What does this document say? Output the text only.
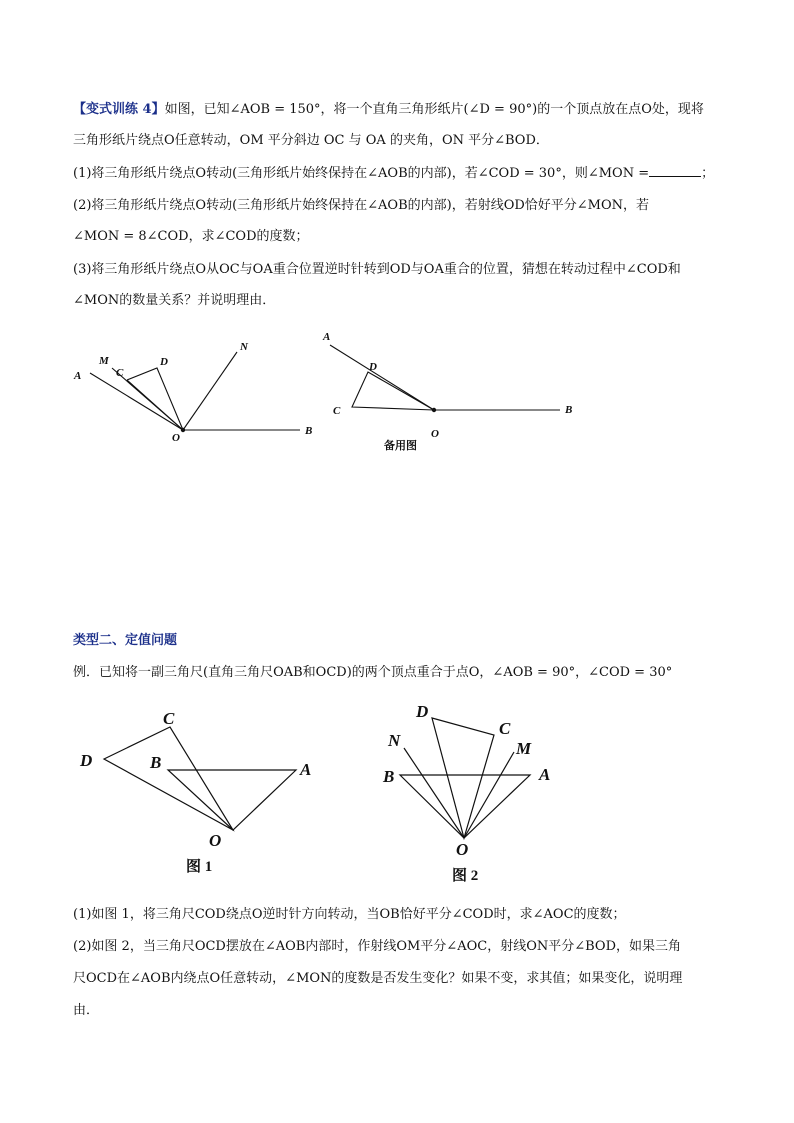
【变式训练 4】如图，已知∠AOB = 150°，将一个直角三角形纸片(∠D = 90°)的一个顶点放在点O处，现将
三角形纸片绕点O任意转动，OM 平分斜边 OC 与 OA 的夹角，ON 平分∠BOD．
(1)将三角形纸片绕点O转动(三角形纸片始终保持在∠AOB的内部)，若∠COD = 30°，则∠MON =	；
(2)将三角形纸片绕点O转动(三角形纸片始终保持在∠AOB的内部)，若射线OD恰好平分∠MON，若
∠MON = 8∠COD，求∠COD的度数；
(3)将三角形纸片绕点O从OC与OA重合位置逆时针转到OD与OA重合的位置，猜想在转动过程中∠COD和
∠MON的数量关系？并说明理由．
A
M
C
D
N
O
B
A
D
C
O
B
备用图
类型二、定值问题
例．已知将一副三角尺(直角三角尺OAB和OCD)的两个顶点重合于点O，∠AOB = 90°，∠COD = 30°
C
D	B	A
O
图 1
D
C
N	M
B	A
O
图 2
(1)如图 1，将三角尺COD绕点O逆时针方向转动，当OB恰好平分∠COD时，求∠AOC的度数；
(2)如图 2，当三角尺OCD摆放在∠AOB内部时，作射线OM平分∠AOC，射线ON平分∠BOD，如果三角
尺OCD在∠AOB内绕点O任意转动，∠MON的度数是否发生变化？如果不变，求其值；如果变化，说明理
由．
